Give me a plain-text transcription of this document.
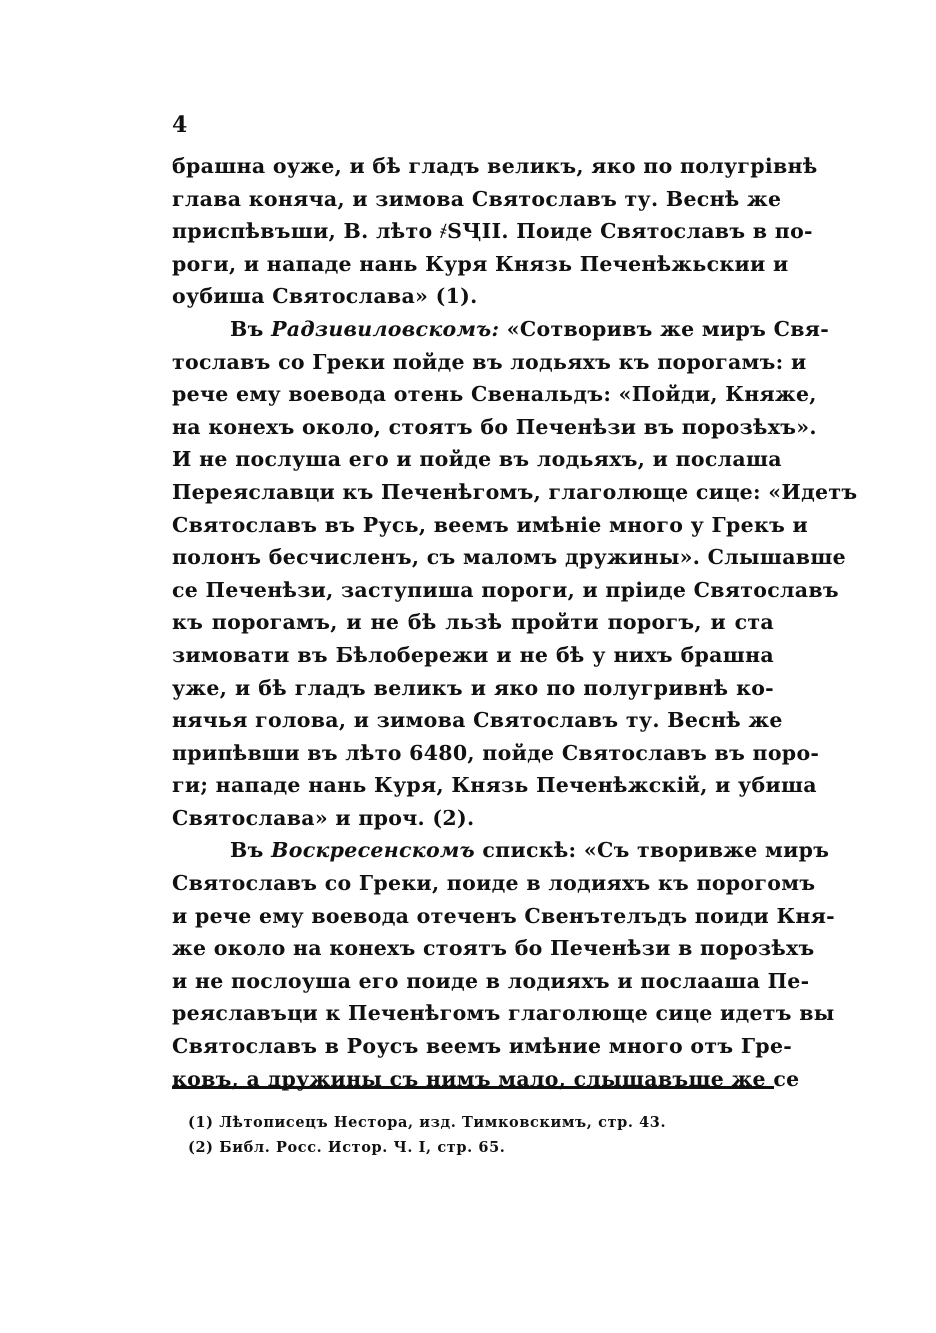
4
брашна оуже, и бѣ гладъ великъ, яко по полугрівнѣ
глава коняча, и зимова Святославъ ту. Веснѣ же
приспѣвъши, В. лѣто ҂SҶII. Поиде Святославъ в по-
роги, и нападе нань Куря Князь Печенѣжьскии и
оубиша Святослава» (1).
Въ Радзивиловскомъ: «Сотворивъ же миръ Свя-
тославъ со Греки пойде въ лодьяхъ къ порогамъ: и
рече ему воевода отень Свенальдъ: «Пойди, Княже,
на конехъ около, стоятъ бо Печенѣзи въ порозѣхъ».
И не послуша его и пойде въ лодьяхъ, и послаша
Переяславци къ Печенѣгомъ, глаголюще сице: «Идетъ
Святославъ въ Русь, веемъ имѣніе много у Грекъ и
полонъ бесчисленъ, съ маломъ дружины». Слышавше
се Печенѣзи, заступиша пороги, и пріиде Святославъ
къ порогамъ, и не бѣ льзѣ пройти порогъ, и ста
зимовати въ Бѣлобережи и не бѣ у нихъ брашна
уже, и бѣ гладъ великъ и яко по полугривнѣ ко-
нячья голова, и зимова Святославъ ту. Веснѣ же
припѣвши въ лѣто 6480, пойде Святославъ въ поро-
ги; нападе нань Куря, Князь Печенѣжскій, и убиша
Святослава» и проч. (2).
Въ Воскресенскомъ спискѣ: «Съ творивже миръ
Святославъ со Греки, поиде в лодияхъ къ порогомъ
и рече ему воевода отеченъ Свенътелъдъ поиди Кня-
же около на конехъ стоятъ бо Печенѣзи в порозѣхъ
и не послоуша его поиде в лодияхъ и послааша Пе-
реяславъци к Печенѣгомъ глаголюще сице идетъ вы
Святославъ в Роусъ веемъ имѣние много отъ Гре-
ковъ, а дружины съ нимъ мало, слышавъше же се
(1) Лѣтописецъ Нестора, изд. Тимковскимъ, стр. 43.
(2) Библ. Росс. Истор. Ч. I, стр. 65.
